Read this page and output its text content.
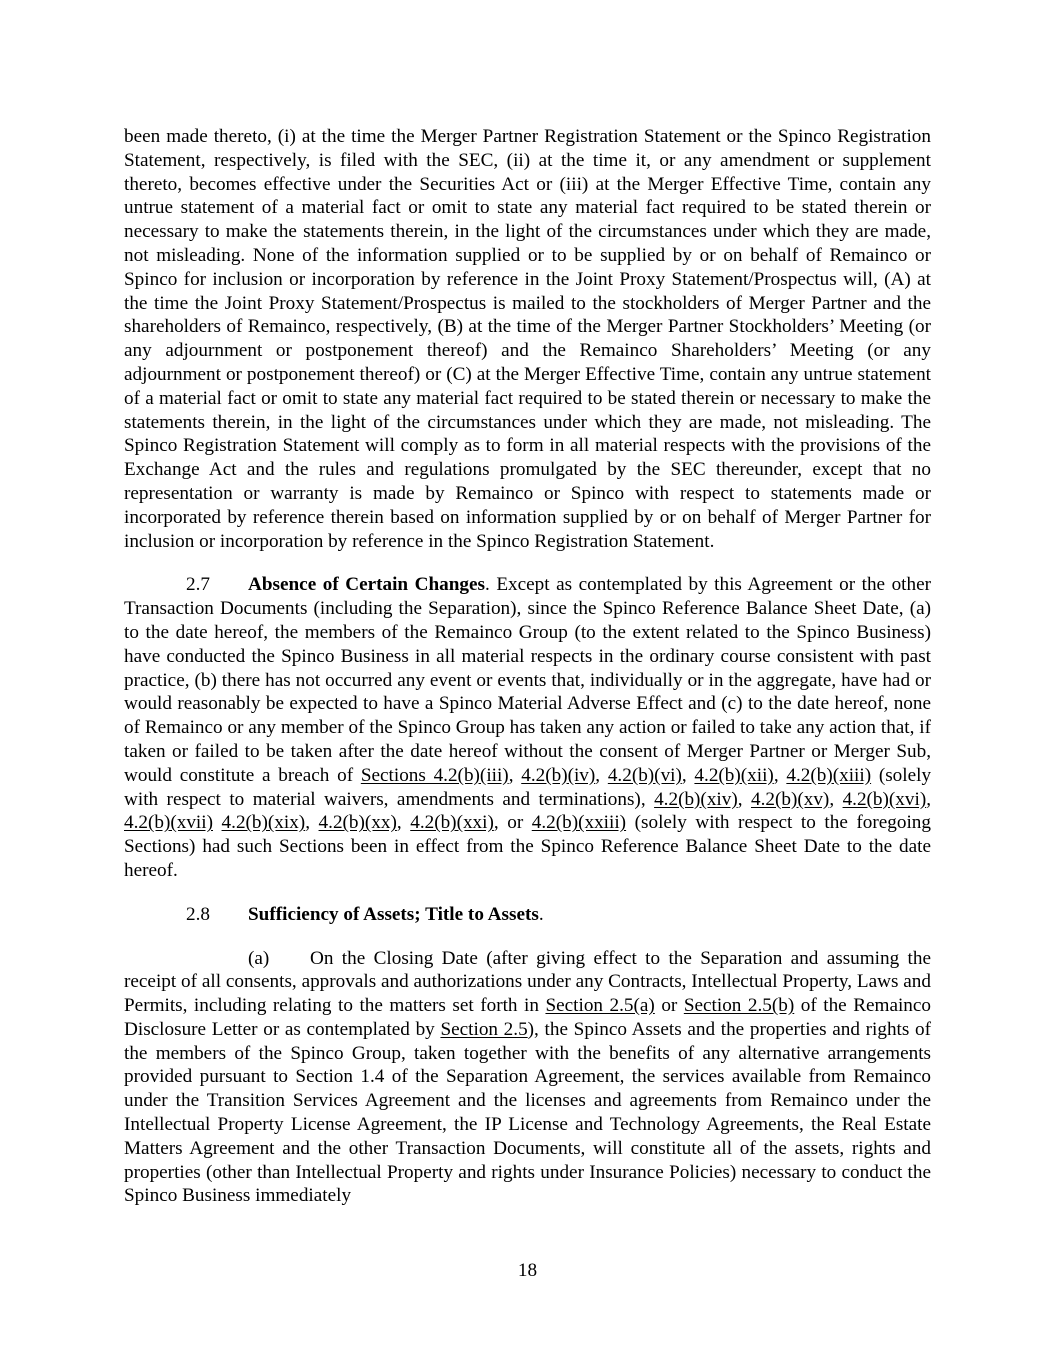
been made thereto, (i) at the time the Merger Partner Registration Statement or the Spinco Registration Statement, respectively, is filed with the SEC, (ii) at the time it, or any amendment or supplement thereto, becomes effective under the Securities Act or (iii) at the Merger Effective Time, contain any untrue statement of a material fact or omit to state any material fact required to be stated therein or necessary to make the statements therein, in the light of the circumstances under which they are made, not misleading. None of the information supplied or to be supplied by or on behalf of Remainco or Spinco for inclusion or incorporation by reference in the Joint Proxy Statement/Prospectus will, (A) at the time the Joint Proxy Statement/Prospectus is mailed to the stockholders of Merger Partner and the shareholders of Remainco, respectively, (B) at the time of the Merger Partner Stockholders’ Meeting (or any adjournment or postponement thereof) and the Remainco Shareholders’ Meeting (or any adjournment or postponement thereof) or (C) at the Merger Effective Time, contain any untrue statement of a material fact or omit to state any material fact required to be stated therein or necessary to make the statements therein, in the light of the circumstances under which they are made, not misleading. The Spinco Registration Statement will comply as to form in all material respects with the provisions of the Exchange Act and the rules and regulations promulgated by the SEC thereunder, except that no representation or warranty is made by Remainco or Spinco with respect to statements made or incorporated by reference therein based on information supplied by or on behalf of Merger Partner for inclusion or incorporation by reference in the Spinco Registration Statement.

2.7 Absence of Certain Changes. Except as contemplated by this Agreement or the other Transaction Documents (including the Separation), since the Spinco Reference Balance Sheet Date, (a) to the date hereof, the members of the Remainco Group (to the extent related to the Spinco Business) have conducted the Spinco Business in all material respects in the ordinary course consistent with past practice, (b) there has not occurred any event or events that, individually or in the aggregate, have had or would reasonably be expected to have a Spinco Material Adverse Effect and (c) to the date hereof, none of Remainco or any member of the Spinco Group has taken any action or failed to take any action that, if taken or failed to be taken after the date hereof without the consent of Merger Partner or Merger Sub, would constitute a breach of Sections 4.2(b)(iii), 4.2(b)(iv), 4.2(b)(vi), 4.2(b)(xii), 4.2(b)(xiii) (solely with respect to material waivers, amendments and terminations), 4.2(b)(xiv), 4.2(b)(xv), 4.2(b)(xvi), 4.2(b)(xvii) 4.2(b)(xix), 4.2(b)(xx), 4.2(b)(xxi), or 4.2(b)(xxiii) (solely with respect to the foregoing Sections) had such Sections been in effect from the Spinco Reference Balance Sheet Date to the date hereof.

2.8 Sufficiency of Assets; Title to Assets.

(a) On the Closing Date (after giving effect to the Separation and assuming the receipt of all consents, approvals and authorizations under any Contracts, Intellectual Property, Laws and Permits, including relating to the matters set forth in Section 2.5(a) or Section 2.5(b) of the Remainco Disclosure Letter or as contemplated by Section 2.5), the Spinco Assets and the properties and rights of the members of the Spinco Group, taken together with the benefits of any alternative arrangements provided pursuant to Section 1.4 of the Separation Agreement, the services available from Remainco under the Transition Services Agreement and the licenses and agreements from Remainco under the Intellectual Property License Agreement, the IP License and Technology Agreements, the Real Estate Matters Agreement and the other Transaction Documents, will constitute all of the assets, rights and properties (other than Intellectual Property and rights under Insurance Policies) necessary to conduct the Spinco Business immediately

18
